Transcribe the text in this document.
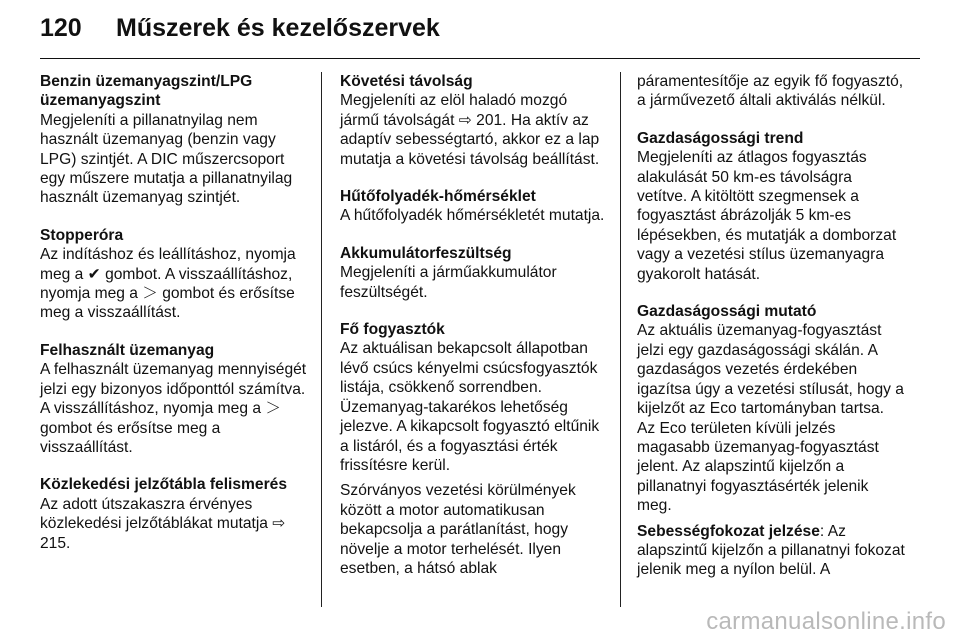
120	Műszerek és kezelőszervek
Benzin üzemanyagszint/LPG üzemanyagszint
Megjeleníti a pillanatnyilag nem használt üzemanyag (benzin vagy LPG) szintjét. A DIC műszercsoport egy műszere mutatja a pillanatnyilag használt üzemanyag szintjét.
Stopperóra
Az indításhoz és leállításhoz, nyomja meg a ✔ gombot. A visszaállításhoz, nyomja meg a ＞ gombot és erősítse meg a visszaállítást.
Felhasznált üzemanyag
A felhasznált üzemanyag mennyiségét jelzi egy bizonyos időponttól számítva. A visszállításhoz, nyomja meg a ＞ gombot és erősítse meg a visszaállítást.
Közlekedési jelzőtábla felismerés
Az adott útszakaszra érvényes közlekedési jelzőtáblákat mutatja ⇨ 215.
Követési távolság
Megjeleníti az elöl haladó mozgó jármű távolságát ⇨ 201. Ha aktív az adaptív sebességtartó, akkor ez a lap mutatja a követési távolság beállítást.
Hűtőfolyadék-hőmérséklet
A hűtőfolyadék hőmérsékletét mutatja.
Akkumulátorfeszültség
Megjeleníti a járműakkumulátor feszültségét.
Fő fogyasztók
Az aktuálisan bekapcsolt állapotban lévő csúcs kényelmi csúcsfogyasztók listája, csökkenő sorrendben. Üzemanyag-takarékos lehetőség jelezve. A kikapcsolt fogyasztó eltűnik a listáról, és a fogyasztási érték frissítésre kerül.
Szórványos vezetési körülmények között a motor automatikusan bekapcsolja a parátlanítást, hogy növelje a motor terhelését. Ilyen esetben, a hátsó ablak
páramentesítője az egyik fő fogyasztó, a járművezető általi aktiválás nélkül.
Gazdaságossági trend
Megjeleníti az átlagos fogyasztás alakulását 50 km-es távolságra vetítve. A kitöltött szegmensek a fogyasztást ábrázolják 5 km-es lépésekben, és mutatják a domborzat vagy a vezetési stílus üzemanyagra gyakorolt hatását.
Gazdaságossági mutató
Az aktuális üzemanyag-fogyasztást jelzi egy gazdaságossági skálán. A gazdaságos vezetés érdekében igazítsa úgy a vezetési stílusát, hogy a kijelzőt az Eco tartományban tartsa. Az Eco területen kívüli jelzés magasabb üzemanyag-fogyasztást jelent. Az alapszintű kijelzőn a pillanatnyi fogyasztásérték jelenik meg.
Sebességfokozat jelzése: Az alapszintű kijelzőn a pillanatnyi fokozat jelenik meg a nyílon belül. A
carmanualsonline.info
